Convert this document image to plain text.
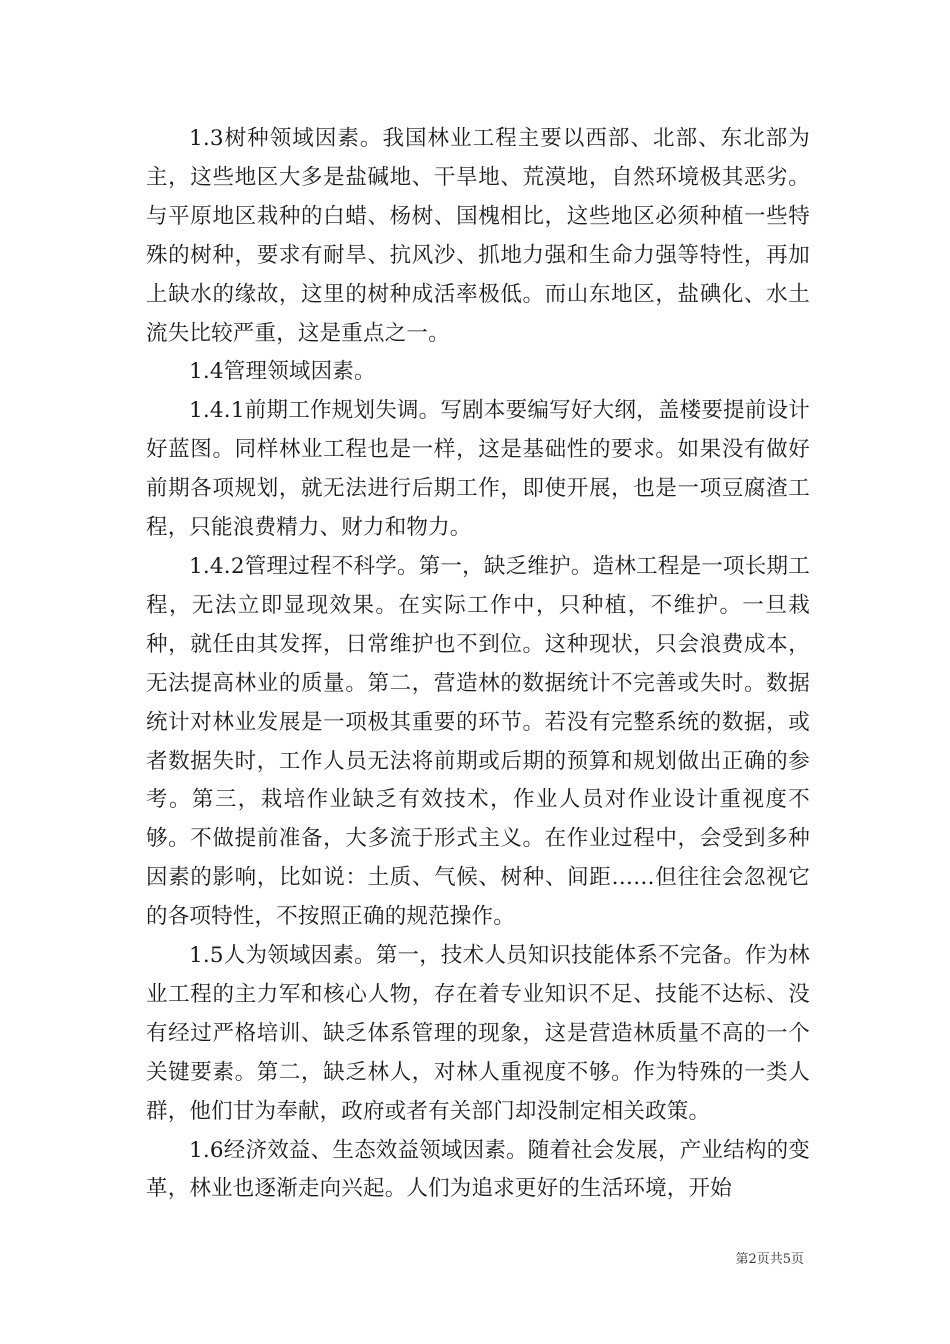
1.3树种领域因素。我国林业工程主要以西部、北部、东北部为主，这些地区大多是盐碱地、干旱地、荒漠地，自然环境极其恶劣。与平原地区栽种的白蜡、杨树、国槐相比，这些地区必须种植一些特殊的树种，要求有耐旱、抗风沙、抓地力强和生命力强等特性，再加上缺水的缘故，这里的树种成活率极低。而山东地区，盐碘化、水土流失比较严重，这是重点之一。

1.4管理领域因素。

1.4.1前期工作规划失调。写剧本要编写好大纲，盖楼要提前设计好蓝图。同样林业工程也是一样，这是基础性的要求。如果没有做好前期各项规划，就无法进行后期工作，即使开展，也是一项豆腐渣工程，只能浪费精力、财力和物力。

1.4.2管理过程不科学。第一，缺乏维护。造林工程是一项长期工程，无法立即显现效果。在实际工作中，只种植，不维护。一旦栽种，就任由其发挥，日常维护也不到位。这种现状，只会浪费成本，无法提高林业的质量。第二，营造林的数据统计不完善或失时。数据统计对林业发展是一项极其重要的环节。若没有完整系统的数据，或者数据失时，工作人员无法将前期或后期的预算和规划做出正确的参考。第三，栽培作业缺乏有效技术，作业人员对作业设计重视度不够。不做提前准备，大多流于形式主义。在作业过程中，会受到多种因素的影响，比如说：土质、气候、树种、间距……但往往会忽视它的各项特性，不按照正确的规范操作。

1.5人为领域因素。第一，技术人员知识技能体系不完备。作为林业工程的主力军和核心人物，存在着专业知识不足、技能不达标、没有经过严格培训、缺乏体系管理的现象，这是营造林质量不高的一个关键要素。第二，缺乏林人，对林人重视度不够。作为特殊的一类人群，他们甘为奉献，政府或者有关部门却没制定相关政策。

1.6经济效益、生态效益领域因素。随着社会发展，产业结构的变革，林业也逐渐走向兴起。人们为追求更好的生活环境，开始

第2页共5页
